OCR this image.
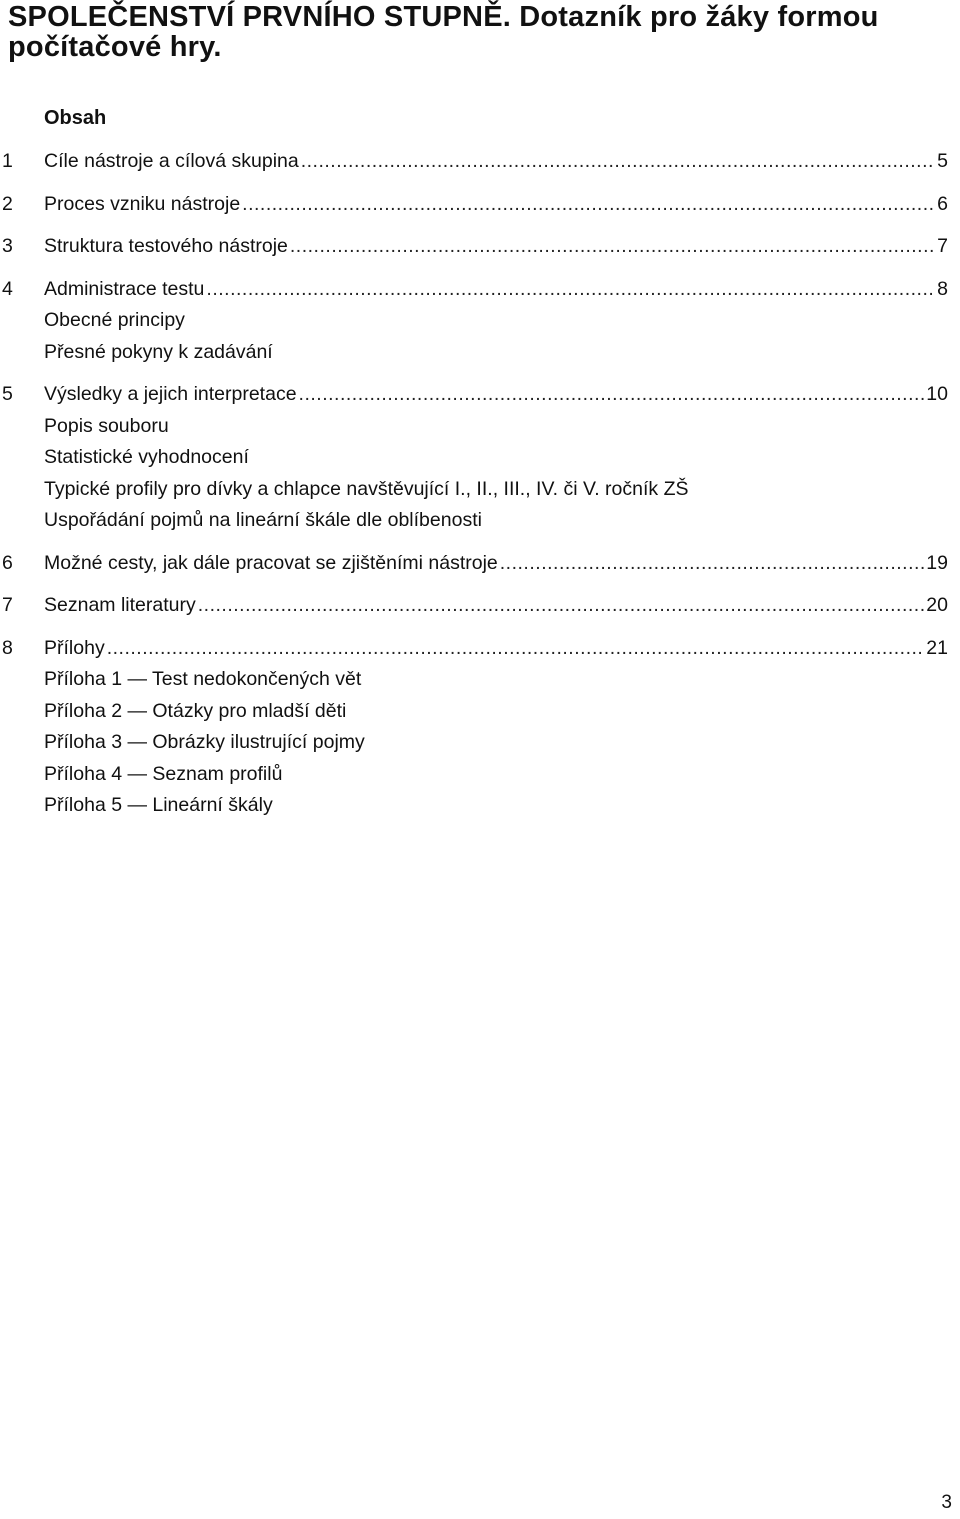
SPOLEČENSTVÍ PRVNÍHO STUPNĚ. Dotazník pro žáky formou počítačové hry.
Obsah
1	Cíle nástroje a cílová skupina .....	5
2	Proces vzniku nástroje .....	6
3	Struktura testového nástroje .....	7
4	Administrace testu .....	8
Obecné principy
Přesné pokyny k zadávání
5	Výsledky a jejich interpretace .....	10
Popis souboru
Statistické vyhodnocení
Typické profily pro dívky a chlapce navštěvující I., II., III., IV. či V. ročník ZŠ
Uspořádání pojmů na lineární škále dle oblíbenosti
6	Možné cesty, jak dále pracovat se zjištěními nástroje .....	19
7	Seznam literatury .....	20
8	Přílohy .....	21
Příloha 1 — Test nedokončených vět
Příloha 2 — Otázky pro mladší děti
Příloha 3 — Obrázky ilustrující pojmy
Příloha 4 — Seznam profilů
Příloha 5 — Lineární škály
3
